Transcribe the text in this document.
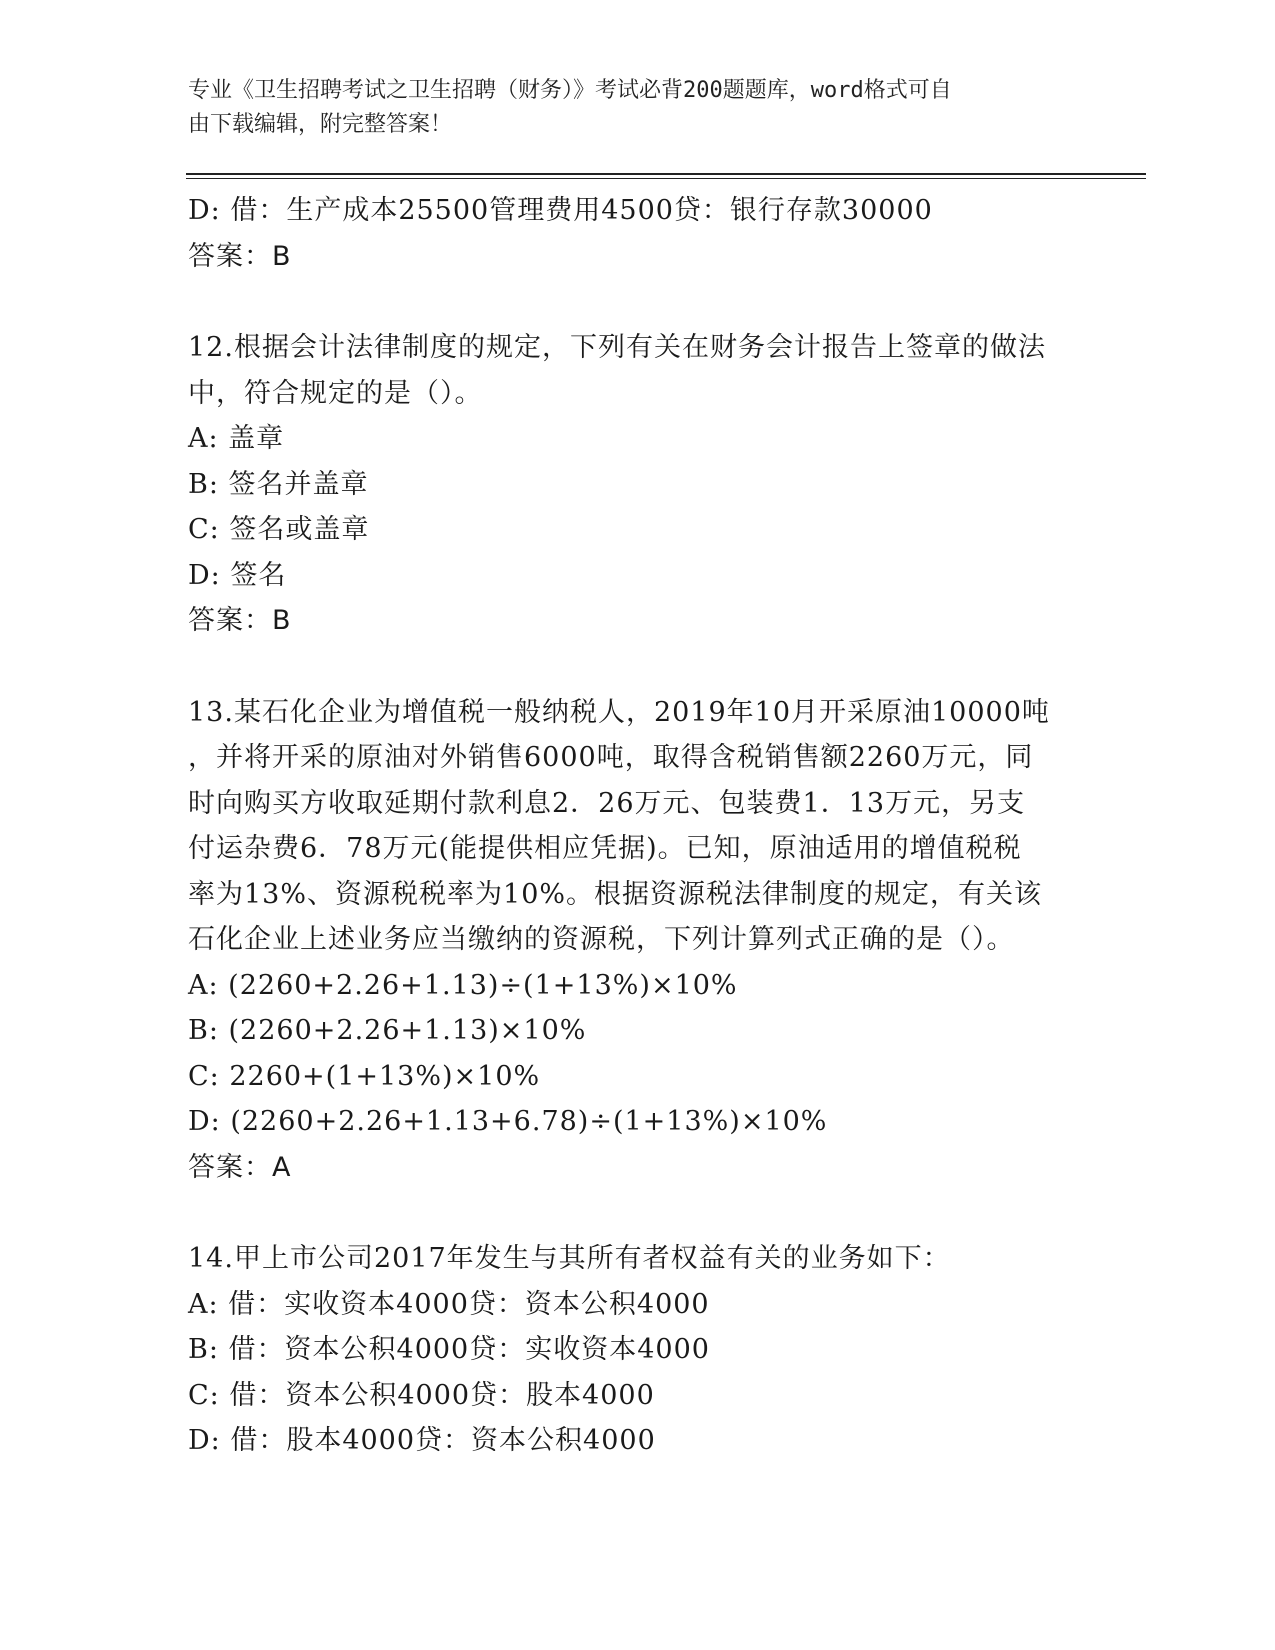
专业《卫生招聘考试之卫生招聘（财务）》考试必背200题题库，word格式可自
由下载编辑，附完整答案！
D: 借：生产成本25500管理费用4500贷：银行存款30000
答案：B
12.根据会计法律制度的规定，下列有关在财务会计报告上签章的做法
中，符合规定的是（）。
A: 盖章
B: 签名并盖章
C: 签名或盖章
D: 签名
答案：B
13.某石化企业为增值税一般纳税人，2019年10月开采原油10000吨
，并将开采的原油对外销售6000吨，取得含税销售额2260万元，同
时向购买方收取延期付款利息2．26万元、包装费1．13万元，另支
付运杂费6．78万元(能提供相应凭据)。已知，原油适用的增值税税
率为13%、资源税税率为10%。根据资源税法律制度的规定，有关该
石化企业上述业务应当缴纳的资源税，下列计算列式正确的是（）。
A: (2260+2.26+1.13)÷(1+13%)×10%
B: (2260+2.26+1.13)×10%
C: 2260+(1+13%)×10%
D: (2260+2.26+1.13+6.78)÷(1+13%)×10%
答案：A
14.甲上市公司2017年发生与其所有者权益有关的业务如下：
A: 借：实收资本4000贷：资本公积4000
B: 借：资本公积4000贷：实收资本4000
C: 借：资本公积4000贷：股本4000
D: 借：股本4000贷：资本公积4000
